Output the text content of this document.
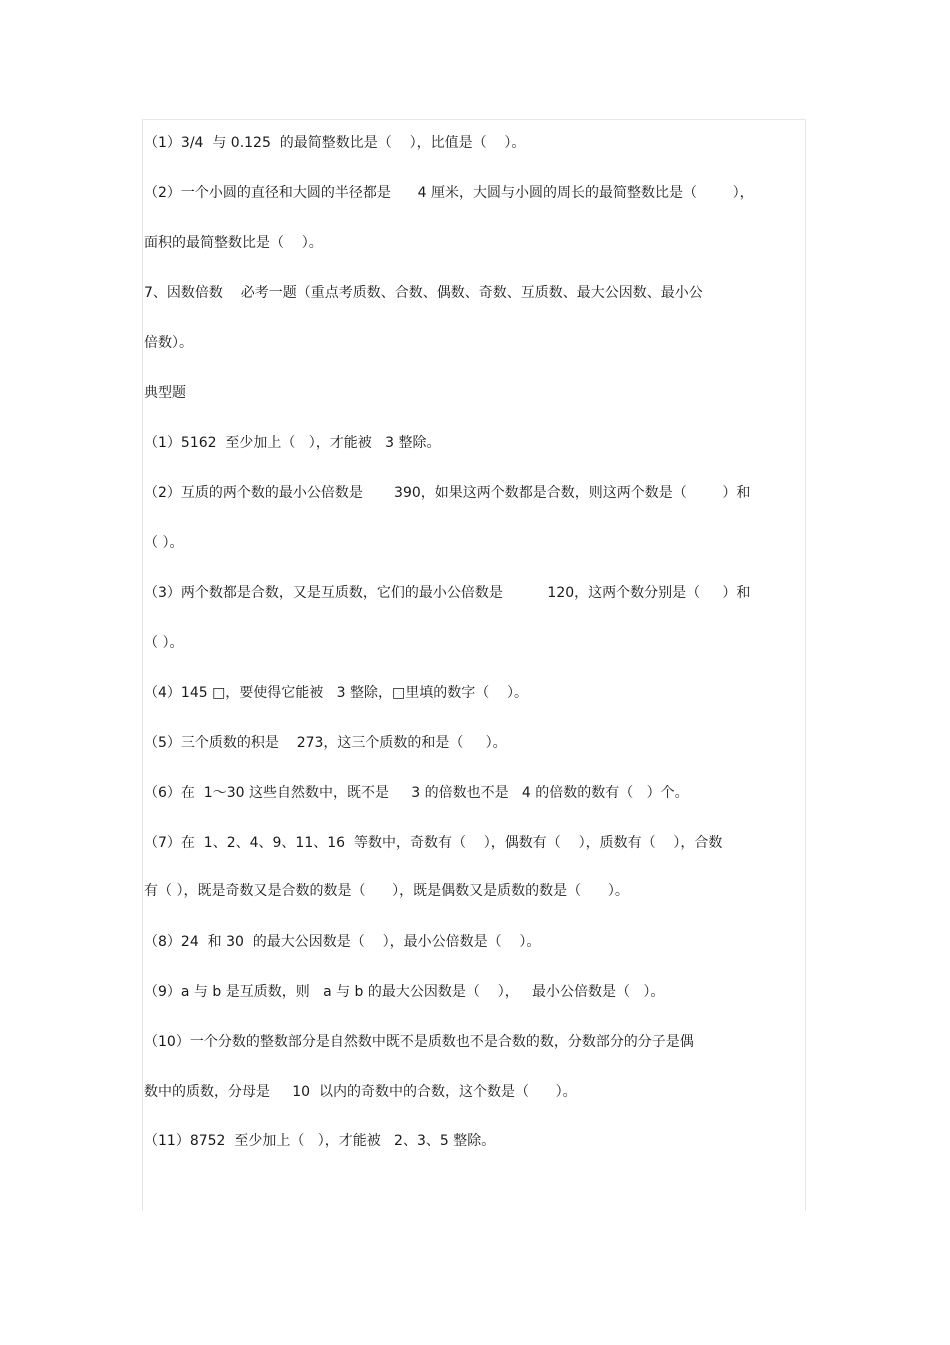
（1）3/4  与 0.125  的最简整数比是（    ），比值是（    ）。
（2）一个小圆的直径和大圆的半径都是      4 厘米，大圆与小圆的周长的最简整数比是（        ），
面积的最简整数比是（    ）。
7、因数倍数    必考一题（重点考质数、合数、偶数、奇数、互质数、最大公因数、最小公
倍数）。
典型题
（1）5162  至少加上（   ），才能被   3 整除。
（2）互质的两个数的最小公倍数是       390，如果这两个数都是合数，则这两个数是（        ）和
（ ）。
（3）两个数都是合数，又是互质数，它们的最小公倍数是          120，这两个数分别是（     ）和
（ ）。
（4）145 □，要使得它能被   3 整除，□里填的数字（    ）。
（5）三个质数的积是    273，这三个质数的和是（     ）。
（6）在  1～30 这些自然数中，既不是     3 的倍数也不是   4 的倍数的数有（   ）个。
（7）在  1、2、4、9、11、16  等数中，奇数有（    ），偶数有（    ），质数有（    ），合数
有（ ），既是奇数又是合数的数是（      ），既是偶数又是质数的数是（      ）。
（8）24  和 30  的最大公因数是（    ），最小公倍数是（    ）。
（9）a 与 b 是互质数，则   a 与 b 的最大公因数是（    ），   最小公倍数是（   ）。
（10）一个分数的整数部分是自然数中既不是质数也不是合数的数，分数部分的分子是偶
数中的质数，分母是     10  以内的奇数中的合数，这个数是（      ）。
（11）8752  至少加上（   ），才能被   2、3、5 整除。
